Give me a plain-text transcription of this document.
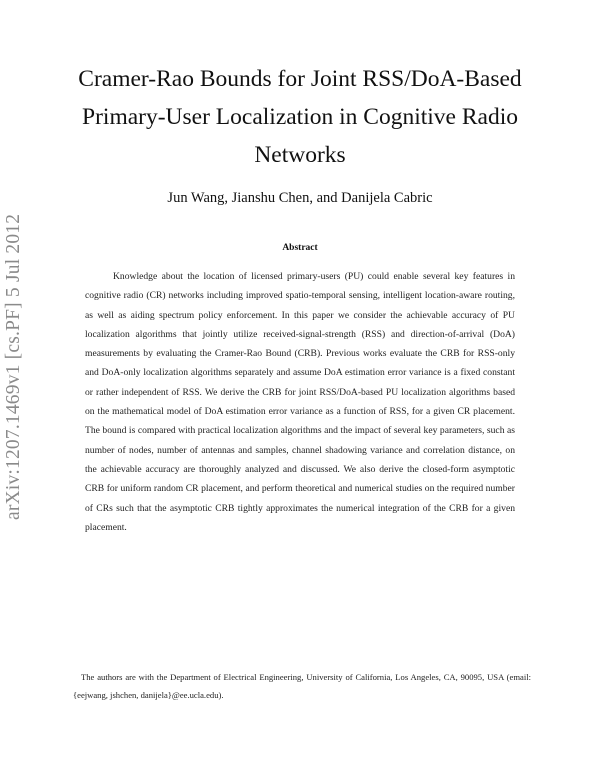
arXiv:1207.1469v1 [cs.PF] 5 Jul 2012
Cramer-Rao Bounds for Joint RSS/DoA-Based Primary-User Localization in Cognitive Radio Networks
Jun Wang, Jianshu Chen, and Danijela Cabric
Abstract
Knowledge about the location of licensed primary-users (PU) could enable several key features in cognitive radio (CR) networks including improved spatio-temporal sensing, intelligent location-aware routing, as well as aiding spectrum policy enforcement. In this paper we consider the achievable accuracy of PU localization algorithms that jointly utilize received-signal-strength (RSS) and direction-of-arrival (DoA) measurements by evaluating the Cramer-Rao Bound (CRB). Previous works evaluate the CRB for RSS-only and DoA-only localization algorithms separately and assume DoA estimation error variance is a fixed constant or rather independent of RSS. We derive the CRB for joint RSS/DoA-based PU localization algorithms based on the mathematical model of DoA estimation error variance as a function of RSS, for a given CR placement. The bound is compared with practical localization algorithms and the impact of several key parameters, such as number of nodes, number of antennas and samples, channel shadowing variance and correlation distance, on the achievable accuracy are thoroughly analyzed and discussed. We also derive the closed-form asymptotic CRB for uniform random CR placement, and perform theoretical and numerical studies on the required number of CRs such that the asymptotic CRB tightly approximates the numerical integration of the CRB for a given placement.
The authors are with the Department of Electrical Engineering, University of California, Los Angeles, CA, 90095, USA (email: {eejwang, jshchen, danijela}@ee.ucla.edu).
